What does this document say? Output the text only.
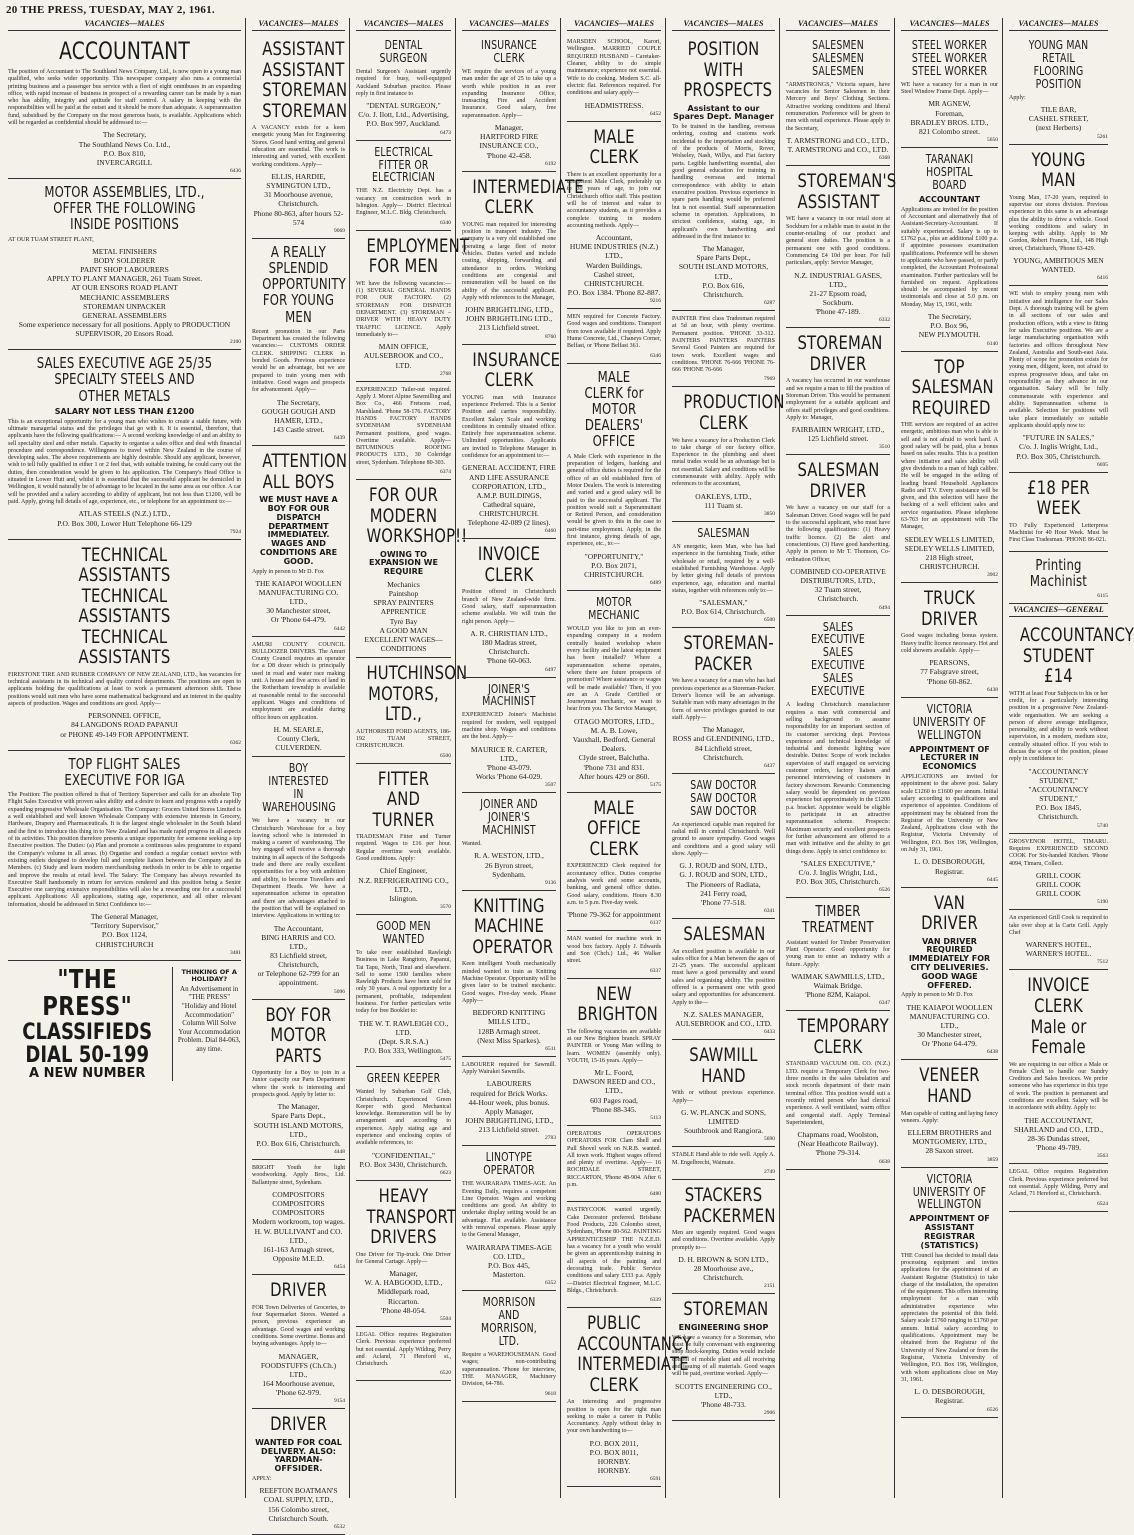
20 THE PRESS, TUESDAY, MAY 2, 1961.
VACANCIES—MALES
ACCOUNTANT
The position of Accountant to The Southland News Company, Ltd., is now open to a young man qualified, who seeks wider opportunity. This newspaper company also runs a commercial printing business and a passenger bus service with a fleet of eight omnibuses in an expanding office, with rapid increase of business in prospect of a rewarding career can be made by a man who has ability, integrity and aptitude for staff control. A salary in keeping with the responsibilities will be paid at the outset and it should be more than adequate. A superannuation fund, subsidised by the Company on the most generous basis, is available. Applications which will be regarded as confidential should be addressed to:—
The Secretary,
The Southland News Co. Ltd.,
P.O. Box 810,
INVERCARGILL
6436
MOTOR ASSEMBLIES, LTD., OFFER THE FOLLOWING INSIDE POSITIONS
AT OUR TUAM STREET PLANT,
METAL FINISHERS
BODY SOLDERER
PAINT SHOP LABOURERS
APPLY TO PLANT MANAGER, 261 Tuam Street.
AT OUR ENSORS ROAD PLANT
MECHANIC ASSEMBLERS
STOREMAN UNPACKER
GENERAL ASSEMBLERS
Some experience necessary for all positions. Apply to PRODUCTION SUPERVISOR, 20 Ensors Road.
2100
SALES EXECUTIVE AGE 25/35 SPECIALTY STEELS AND OTHER METALS
SALARY NOT LESS THAN £1200
This is an exceptional opportunity for a young man who wishes to create a stable future, with ultimate managerial status and the privileges that go with it. It is essential, therefore, that applicants have the following qualifications:— A second working knowledge of and an ability to sell speciality steel and other metals. Capacity to organise a sales office and deal with financial procedure and correspondence. Willingness to travel within New Zealand in the course of developing sales. The above requirements are highly desirable. Should any applicant, however, wish to tell fully qualified in either 1 or 2 feel that, with suitable training, he could carry out the duties, then consideration would be given to his application. The Company's Head Office is situated in Lower Hutt and, whilst it is essential that the successful applicant be domiciled in Wellington, it would naturally be of advantage to be located in the same area as our office. A car will be provided and a salary according to ability of applicant, but not less than £1200, will be paid. Apply, giving full details of age, experience, etc., or telephone for an appointment to:—
ATLAS STEELS (N.Z.) LTD.,
P.O. Box 300, Lower Hutt Telephone 66-129
7924
TECHNICAL ASSISTANTS TECHNICAL ASSISTANTS TECHNICAL ASSISTANTS
FIRESTONE TIRE AND RUBBER COMPANY OF NEW ZEALAND, LTD., has vacancies for technical assistants in its technical and quality control departments. The positions are open to applicants holding the qualifications at least to work a permanent afternoon shift. These positions would suit men who have some mathematical background and an interest in the quality aspects of production. Wages and conditions are good. Apply—
PERSONNEL OFFICE,
84 LANGDONS ROAD PAPANUI
or PHONE 49-149 FOR APPOINTMENT.
6362
TOP FLIGHT SALES EXECUTIVE FOR IGA
The Position: The position offered is that of Territory Supervisor and calls for an absolute Top Flight Sales Executive with proven sales ability and a desire to learn and progress with a rapidly expanding progressive Wholesale Organisation. The Company: Grocers United Stores Limited is a well established and well known Wholesale Company with extensive interests in Grocery, Hardware, Drapery and Pharmaceuticals. It is the largest single wholesaler in the South Island and the first to introduce this thing in to New Zealand and has made rapid progress in all aspects of its activities. This position therefore presents a unique opportunity for someone seeking a top Executive position. The Duties: (a) Plan and promote a continuous sales programme to expand the Company's volume in all areas. (b) Organise and conduct a regular contact service with existing outlets designed to develop full and complete liaison between the Company and its Members. (c) Study and learn modern merchandising methods in order to be able to organise and improve the results at retail level. The Salary: The Company has always rewarded its Executive Staff handsomely in return for services rendered and this position being a Senior Executive one carrying extensive responsibilities will also be a rewarding one for a successful applicant. Applications: All applications, stating age, experience, and all other relevant information, should be addressed in Strict Confidence to:—
The General Manager,
"Territory Supervisor,"
P.O. Box 1124,
CHRISTCHURCH
3481
"THE PRESS"
CLASSIFIEDS
DIAL 50-199
A NEW NUMBER
THINKING OF A HOLIDAY?
An Advertisement in "THE PRESS" "Holiday and Hotel Accommodation" Column Will Solve Your Accommodation Problem. Dial 84-063, any time.
VACANCIES—MALES
ASSISTANT ASSISTANT STOREMAN STOREMAN
A VACANCY exists for a keen energetic young Man for Engineering Stores. Good hand writing and general education are essential. The work is interesting and varied, with excellent working conditions. Apply—
ELLIS, HARDIE, SYMINGTON LTD.,
31 Moorhouse avenue, Christchurch.
Phone 80-863, after hours 52-574
9069
A REALLY SPLENDID OPPORTUNITY FOR YOUNG MEN
Recent promotion in our Parts Department has created the following vacancies:— CUSTOMS ORDER CLERK. SHIPPING CLERK in bonded Goods. Previous experience would be an advantage, but we are prepared to train young men with initiative. Good wages and prospects for advancement. Apply—
The Secretary,
GOUGH GOUGH AND HAMER, LTD.,
143 Castle street.
6439
ATTENTION ALL BOYS
WE MUST HAVE A BOY FOR OUR DISPATCH DEPARTMENT IMMEDIATELY. WAGES AND CONDITIONS ARE GOOD.
Apply in person to Mr D. Fox
THE KAIAPOI WOOLLEN MANUFACTURING CO. LTD.,
30 Manchester street,
Or 'Phone 64-479.
6442
AMURI COUNTY COUNCIL BULLDOZER DRIVERS. The Amuri County Council requires an operator for a D8 dozer which is principally used in road and water race making unit. A house and five acres of land in the Rotherham township is available at reasonable rental to the successful applicant. Wages and conditions of employment are available during office hours on application.
H. M. SEARLE,
County Clerk,
CULVERDEN.
BOY INTERESTED IN WAREHOUSING
We have a vacancy in our Christchurch Warehouse for a boy leaving school who is interested in making a career of warehousing. The boy engaged will receive a thorough training in all aspects of the Softgoods trade and there are really excellent opportunities for a boy with ambition and ability, to become Travellers and Department Heads. We have a superannuation scheme in operation and there are advantages attached to the position that will be explained on interview. Applications in writing to:
The Accountant,
BING HARRIS and CO. LTD.,
83 Lichfield street,
Christchurch,
or Telephone 62-799 for an appointment.
5096
BOY FOR MOTOR PARTS
Opportunity for a Boy to join in a Junior capacity our Parts Department where the work is interesting and prospects good. Apply by letter to:
The Manager,
Spare Parts Dept.,
SOUTH ISLAND MOTORS, LTD.,
P.O. Box 616, Christchurch.
4448
BRIGHT Youth for light woodworking. Apply Bros., Ltd. Ballantyne street, Sydenham.
COMPOSITORS
COMPOSITORS
COMPOSITORS
Modern workroom, top wages.
H. W. BULLIVANT and CO. LTD.,
161-163 Armagh street,
Opposite M.E.D.
6454
DRIVER
FOR Town Deliveries of Groceries, to four Supermarket Stores. Wanted a person, previous experience an advantage. Good wages and working conditions. Some overtime. Bonus and buying advantages. Apply to—
MANAGER,
FOODSTUFFS (Ch.Ch.) LTD.,
164 Moorhouse avenue,
'Phone 62-979.
9154
DRIVER
WANTED FOR COAL DELIVERY. ALSO: YARDMAN-OFFSIDER.
APPLY:
REEFTON BOATMAN'S COAL SUPPLY, LTD.,
156 Colombo street,
Christchurch South.
6532
VACANCIES—MALES
DENTAL SURGEON
Dental Surgeon's Assistant urgently required for busy, well-equipped Auckland Suburban practice. Please reply in first instance to
"DENTAL SURGEON,"
C/o. J. Ilott, Ltd., Advertising,
P.O. Box 997, Auckland.
6473
ELECTRICAL FITTER OR ELECTRICIAN
THE N.Z. Electricity Dept. has a vacancy on construction work in Islington. Apply— District Electrical Engineer, M.L.C. Bldg. Christchurch.
6340
EMPLOYMENT FOR MEN
WE have the following vacancies:— (1) SEVERAL GENERAL HANDS FOR OUR FACTORY. (2) STOREMAN FOR DISPATCH DEPARTMENT. (3) STOREMAN – DRIVER WITH HEAVY DUTY TRAFFIC LICENCE. Apply immediately to—
MAIN OFFICE,
AULSEBROOK and CO., LTD.
2768
EXPERIENCED Tailer-out required. Apply J. Moret Alpine Sawmilling and Box Co., 466 Fretsons road, Marshland. 'Phone 58-176. FACTORY HANDS FACTORY HANDS SYDENHAM SYDENHAM Permanent positions, good wages. Overtime available. Apply— BITUMINOUS ROOFING PRODUCTS LTD., 30 Coleridge street, Sydenham. Telephone 80-303.
6374
FOR OUR MODERN WORKSHOP!!
OWING TO EXPANSION WE REQUIRE
Mechanics
Paintshop
SPRAY PAINTERS
APPRENTICE
Tyre Bay
A GOOD MAN
EXCELLENT WAGES—CONDITIONS
HUTCHINSON MOTORS, LTD.,
AUTHORISED FORD AGENTS, 186-192 TUAM STREET, CHRISTCHURCH.
6500
FITTER AND TURNER
TRADESMAN Fitter and Turner required. Wages to £16 per hour. Regular overtime work available. Good conditions. Apply:
Chief Engineer,
N.Z. REFRIGERATING CO., LTD.,
Islington.
3570
GOOD MEN WANTED
To take over established Rawleigh Business in Lake Rangitoto, Papanui, Tai Tapu, North, Tinui and elsewhere. Sell to some 1500 families where Rawleigh Products have been sold for only 30 years. A real opportunity for a permanent, profitable, independent business. For further particulars write today for free Booklet to:
THE W. T. RAWLEIGH CO., LTD.
(Dept. S.R.S.A.)
P.O. Box 333, Wellington.
5475
GREEN KEEPER
Wanted by Suburban Golf Club, Christchurch. Experienced Green Keeper with good Mechanical knowledge. Remuneration will be by arrangement and according to experience. Apply stating age and experience and enclosing copies of available references, to:
"CONFIDENTIAL,"
P.O. Box 3430, Christchurch.
6623
HEAVY TRANSPORT DRIVERS
One Driver for Tip-truck. One Driver for General Cartage. Apply—
Manager,
W. A. HABGOOD, LTD.,
Middlepark road,
Riccarton.
'Phone 48-054.
5504
LEGAL Office requires Registration Clerk. Previous experience preferred but not essential. Apply Wilding, Perry and Acland, 71 Hereford st., Christchurch.
6520
VACANCIES—MALES
INSURANCE CLERK
WE require the services of a young man under the age of 25 to take up a worth while position in an ever expanding Insurance Office, transacting Fire and Accident Insurance. Good salary, free superannuation. Apply—
Manager,
HARTFORD FIRE INSURANCE CO.,
'Phone 42-458.
6192
INTERMEDIATE CLERK
YOUNG man required for interesting position in transport industry. The company is a very old established one operating a large fleet of motor vehicles. Duties varied and include costing, shipping, forwarding and attendance to orders. Working conditions are congenial and remuneration will be based on the ability of the successful applicant. Apply with references to the Manager,
JOHN BRIGHTLING, LTD.,
JOHN BRIGHTLING LTD.,
213 Lichfield street.
8760
INSURANCE CLERK
YOUNG man with Insurance experience Preferred. This is a Senior Position and carries responsibility. Excellent Salary Scale and working conditions in centrally situated office. Entirely free superannuation scheme. Unlimited opportunities. Applicants are invited to Telephone Manager in confidence for an appointment to:—
GENERAL ACCIDENT, FIRE AND LIFE ASSURANCE CORPORATION, LTD.,
A.M.P. BUILDINGS,
Cathedral square,
CHRISTCHURCH.
Telephone 42-089 (2 lines).
6460
INVOICE CLERK
Position offered in Christchurch branch of New Zealand-wide firm. Good salary, staff superannuation scheme available. We will train the right person. Apply—
A. R. CHRISTIAN LTD.,
180 Madras street,
Christchurch.
'Phone 60-063.
6497
JOINER'S MACHINIST
EXPERIENCED Joiner's Machinist required for modern, well equipped machine shop. Wages and conditions are the best. Apply—
MAURICE R. CARTER, LTD.,
'Phone 43-079.
Works 'Phone 64-029.
3507
JOINER AND JOINER'S MACHINIST
Wanted.
R. A. WESTON, LTD.,
26 Byron street,
Sydenham.
9136
KNITTING MACHINE OPERATOR
Keen intelligent Youth mechanically minded wanted to train as Knitting Machine Operator. Opportunity will be given later to be trained mechanic. Good wages. Five-day week. Please Apply—
BEDFORD KNITTING MILLS LTD.,
128B Armagh street.
(Next Miss Sparkes).
6511
LABOURER required for Sawmill. Apply Wairakei Sawmills.
LABOURERS
required for Brick Works.
44-Hour week, plus bonus.
Apply Manager,
JOHN BRIGHTLING, LTD.,
213 Lichfield street.
2783
LINOTYPE OPERATOR
THE WAIRARAPA TIMES-AGE. An Evening Daily, requires a competent Line Operator. Wages and working conditions are good. An ability to undertake display setting would be an advantage. Flat available. Assistance with removal expenses. Please apply to the General Manager,
WAIRARAPA TIMES-AGE CO. LTD.,
P.O. Box 445,
Masterton.
6352
MORRISON AND MORRISON, LTD.
Require a WAREHOUSEMAN. Good wages; non-contributing superannuation. 'Phone for interview, THE MANAGER, Machinery Division, 64-786.
9618
VACANCIES—MALES
MARSDEN SCHOOL, Karori, Wellington. MARRIED COUPLE REQUIRED HUSBAND – Caretaker-Cleaner, ability to do simple maintenance; experience not essential. Wife to do cooking. Modern S.C. all-electric flat. References required. For conditions and salary apply—
HEADMISTRESS.
6452
MALE CLERK
There is an excellent opportunity for a competent Male Clerk, preferably up to 30 years of age, to join our Christchurch office staff. This position will be of interest and value to accountancy students, as it provides a complete training in modern accounting methods. Apply—
Accountant,
HUME INDUSTRIES (N.Z.) LTD.,
Warden Buildings,
Cashel street,
CHRISTCHURCH.
P.O. Box 1384. 'Phone 82-887.
9216
MEN required for Concrete Factory. Good wages and conditions. Transport from town available if required. Apply Hume Concrete, Ltd., Chaneys Corner, Belfast, or 'Phone Belfast 361.
6346
MALE CLERK for MOTOR DEALERS' OFFICE
A Male Clerk with experience in the preparation of ledgers, banking and general office duties is required for the office of an old established firm of Motor Dealers. The work is interesting and varied and a good salary will be paid to the successful applicant. The position would suit a Superannuitant or Retired Person, and consideration would be given to this in the case to part-time employment. Apply, in the first instance, giving details of age, experience, etc., to:—
"OPPORTUNITY,"
P.O. Box 2071,
CHRISTCHURCH.
6489
MOTOR MECHANIC
WOULD you like to join an ever-expanding company in a modern centrally heated workshop where every facility and the latest equipment has been installed? Where a superannuation scheme operates, where there are future prospects of promotion? Where assistance or wages will be made available? Then, if you are an A Grade Certified or Journeyman mechanic, we want to hear from you. The Service Manager,
OTAGO MOTORS, LTD.,
M. A. B. Lowe,
Vauxhall, Bedford, General Dealers.
Clyde street, Balclutha.
'Phone 731 and 831.
After hours 429 or 860.
5175
MALE OFFICE CLERK
EXPERIENCED Clerk required for accountancy office. Duties comprise analysis work and some accounts, banking, and general office duties. Good salary, conditions. Hours 8.30 a.m. to 5 p.m. Five-day week.
'Phone 79-362 for appointment
6137
MAN wanted for machine work in wood box factory. Apply J. Edwards and Son (Chch.) Ltd., 46 Walker street.
6337
NEW BRIGHTON
The following vacancies are available at our New Brighton branch. SPRAY PAINTER or Young Man willing to learn. WOMEN (assembly only). YOUTH, 15-16 years. Apply—
Mr L. Foord,
DAWSON REED and CO., LTD.,
603 Pages road,
'Phone 88-345.
5113
OPERATORS OPERATORS OPERATORS FOR Clam Shell and Pull Shovel work on N.R.B. wanted. All town work. Highest wages offered and plenty of overtime. Apply— 16 ROCHDALE STREET, RICCARTON, 'Phone 48-904. After 6 p.m.
6480
PASTRYCOOK wanted urgently. Cake Decorator preferred. Brisbane Food Products, 226 Colombo street, Sydenham, 'Phone 80-562. PAINTING APPRENTICESHIP THE N.Z.E.D. has a vacancy for a youth who would be given an apprenticeship training in all aspects of the painting and decorating trade. Public Service conditions and salary £333 p.a. Apply—District Electrical Engineer, M.L.C. Bldgs., Christchurch.
6339
PUBLIC ACCOUNTANCY INTERMEDIATE CLERK
An interesting and progressive position is open for the right man seeking to make a career in Public Accountancy. Apply without delay in your own handwriting to—
P.O. BOX 2011,
P.O. BOX 8011,
HORNBY.
HORNBY.
6591
VACANCIES—MALES
POSITION WITH PROSPECTS
Assistant to our Spares Dept. Manager
To be trained in the handling, overseas ordering, costing and customs work incidental to the importation and stocking of the products of Morris, Rover, Wolseley, Nash, Willys, and Fiat factory parts. Legible handwriting essential, also good general education for training in handling overseas and internal correspondence with ability to attain executive position. Previous experience in spare parts handling would be preferred but is not essential. Staff superannuation scheme in operation. Applications, in strictest confidence, stating age, in applicant's own handwriting and addressed in the first instance to:
The Manager,
Spare Parts Dept.,
SOUTH ISLAND MOTORS, LTD.,
P.O. Box 616,
Christchurch.
6287
PAINTER First class Tradesman required at 5d an hour, with plenty overtime. Permanent position. 'PHONE 33-312. PAINTERS PAINTERS PAINTERS Several Good Painters are required for town work. Excellent wages and conditions. 'PHONE 76-666 'PHONE 76-666 'PHONE 76-666
7969
PRODUCTION CLERK
We have a vacancy for a Production Clerk to take charge of our factory office. Experience in the plumbing and sheet metal trades would be an advantage but is not essential. Salary and conditions will be commensurate with ability. Apply with references to the accountant,
OAKLEYS, LTD.,
111 Tuam st.
3850
SALESMAN
AN energetic, keen Man, who has had experience in the furnishing Trade, either wholesale or retail, required by a well-established Furnishing Warehouse. Apply by letter giving full details of previous experience, age, education and marital status, together with references only to:—
"SALESMAN,"
P.O. Box 614, Christchurch.
6500
STOREMAN-PACKER
We have a vacancy for a man who has had previous experience as a Storeman-Packer. Driver's licence will be an advantage. Suitable man with many advantages in the form of service privileges granted to our staff. Apply—
The Manager,
ROSS and GLENDINING, LTD.,
84 Lichfield street,
Christchurch.
6437
SAW DOCTOR SAW DOCTOR SAW DOCTOR
An experienced capable man required for radial mill in central Christchurch. Well ground to assure sympathy. Good wages and conditions and a good salary will show. Apply—
G. J. ROUD and SON, LTD.,
G. J. ROUD and SON, LTD.,
The Pioneers of Radiata,
241 Ferry road,
'Phone 77-518.
6341
SALESMAN
An excellent position is available in our sales office for a Man between the ages of 21-25 years. The successful applicant must have a good personality and sound sales and organising ability. The position offered is a permanent one with good salary and opportunities for advancement. Apply to the—
N.Z. SALES MANAGER,
AULSEBROOK and CO., LTD.
6433
SAWMILL HAND
With or without previous experience. Apply—
G. W. PLANCK and SONS, LIMITED
Southbrook and Rangiora.
5690
STABLE Hand able to ride well. Apply A. M. Engelbrecht, Waimate.
2749
STACKERS PACKERMEN
Men are urgently required. Good wages and conditions. Overtime available. Apply promptly to—
D. H. BROWN & SON LTD.,
28 Moorhouse ave.,
Christchurch.
2151
STOREMAN
ENGINEERING SHOP
WE have a vacancy for a Storeman, who must be fully conversant with engineering shop stock-keeping. Duties would include control of mobile plant and all receiving and issuing of all materials. Good wages will be paid, overtime worked. Apply—
SCOTTS ENGINEERING CO., LTD.,
'Phone 48-733.
2906
VACANCIES—MALES
SALESMEN SALESMEN SALESMEN
"ARMSTRONGS," Victoria square, have vacancies for Senior Salesmen in their Mercery and Boys' Clothing Sections. Attractive working conditions and liberal remuneration. Preference will be given to men with retail experience. Please apply to the Secretary,
T. ARMSTRONG and CO., LTD.,
T. ARMSTRONG and CO., LTD.
6368
STOREMAN'S ASSISTANT
WE have a vacancy in our retail store at Sockburn for a reliable man to assist in the counter-retailing of our product and general store duties. The position is a permanent one with good conditions. Commencing £4 10d per hour. For full particulars, apply: Service Manager,
N.Z. INDUSTRIAL GASES, LTD.,
21-27 Epsom road,
Sockburn.
'Phone 47-189.
6332
STOREMAN DRIVER
A vacancy has occurred in our warehouse and we require a man to fill the position of Storeman Driver. This would be permanent employment for a suitable applicant and offers staff privileges and good conditions. Apply to: Manager,
FAIRBAIRN WRIGHT, LTD.,
125 Lichfield street.
3510
SALESMAN DRIVER
We have a vacancy on our staff for a Salesman Driver. Good wages will be paid to the successful applicant, who must have the following qualifications: (1) Heavy traffic licence. (2) Be alert and conscientious. (3) Have good handwriting. Apply in person to Mr T. Thomson, Co-ordination Officer,
COMBINED CO-OPERATIVE DISTRIBUTORS, LTD.,
32 Tuam street,
Christchurch.
6494
SALES EXECUTIVE SALES EXECUTIVE SALES EXECUTIVE
A leading Christchurch manufacturer requires a man with commercial and selling background to assume responsibility for an important section of its customer servicing dept. Previous experience and technical knowledge of industrial and domestic lighting ware desirable. Duties: Scope of work includes supervision of staff engaged on servicing customer orders, factory liaison and personnel interviewing of customers in factory showroom. Rewards: Commencing salary would be dependent on previous experience but approximately in the £1200 p.a. bracket. Appointee would be eligible to participate in an attractive superannuation scheme. Prospects: Maximum security and excellent prospects for further advancement are offered to a man with initiative and the ability to get things done. Apply in strict confidence to:
"SALES EXECUTIVE,"
C/o. J. Inglis Wright, Ltd.,
P.O. Box 305, Christchurch.
6526
TIMBER TREATMENT
Assistant wanted for Timber Preservation Plant Operator. Good opportunity for young man to enter an industry with a future. Apply:
WAIMAK SAWMILLS, LTD.,
Waimak Bridge.
'Phone 82M, Kaiapoi.
6347
TEMPORARY CLERK
STANDARD VACUUM OIL CO. (N.Z.) LTD. require a Temporary Clerk for two-three months in the sales tabulation and stock records department of their main terminal office. This position would suit a recently retired person who had clerical experience. A well ventilated, warm office and congenial staff. Apply Terminal Superintendent,
Chapmans road, Woolston,
(Near Heathcote Railway).
'Phone 79-314.
6638
VACANCIES—MALES
STEEL WORKER STEEL WORKER STEEL WORKER
WE have a vacancy for a man in our Steel Window Frame Dept. Apply—
MR AGNEW,
Foreman,
BRADLEY BROS. LTD.,
821 Colombo street.
5650
TARANAKI HOSPITAL BOARD
ACCOUNTANT
Applications are invited for the position of Accountant and alternatively that of Assistant-Secretary-Accountant. If suitably experienced. Salary is up to £1762 p.a., plus an additional £100 p.a. if appointee possesses examination qualifications. Preference will be shown to applicants who have passed, or partly completed, the Accountant Professional examination. Further particulars will be furnished on request. Applications should be accompanied by recent testimonials and close at 5.0 p.m. on Monday, May 15, 1961, with:
The Secretary,
P.O. Box 96,
NEW PLYMOUTH.
6140
TOP SALESMAN REQUIRED
THE services are required of an active energetic, ambitious man who is able to sell and is not afraid to work hard. A good salary will be paid, plus a bonus based on sales results. This is a position where initiative and sales ability will give dividends to a man of high calibre. He will be engaged in the selling of leading brand Household Appliances Radio and T.V. Every assistance will be given, and this selection will have the backing of a well efficient sales and service organisation. Please telephone 63-763 for an appointment with The Manager,
SEDLEY WELLS LIMITED,
SEDLEY WELLS LIMITED,
218 High street,
CHRISTCHURCH.
3902
TRUCK DRIVER
Good wages including bonus system. Heavy traffic licence necessary. Hot and cold showers available. Apply—
PEARSONS,
77 Falsgrave street,
'Phone 60-862.
6438
VICTORIA UNIVERSITY OF WELLINGTON
APPOINTMENT OF LECTURER IN ECONOMICS
APPLICATIONS are invited for appointment to the above post. Salary scale £1260 to £1600 per annum. Initial salary according to qualifications and experience of appointee. Conditions of appointment may be obtained from the Registrar of the University or New Zealand, Applications close with the Registrar, Victoria University of Wellington, P.O. Box 196, Wellington, on July 31, 1961.
L. O. DESBOROUGH,
Registrar.
6445
VAN DRIVER
VAN DRIVER REQUIRED IMMEDIATELY FOR CITY DELIVERIES. GOOD WAGE OFFERED.
Apply in person to Mr D. Fox
THE KAIAPOI WOOLLEN MANUFACTURING CO. LTD.,
30 Manchester street,
Or 'Phone 64-479.
6438
VENEER HAND
Man capable of cutting and laying fancy veneers. Apply:
ELLERM BROTHERS and MONTGOMERY, LTD.,
28 Saxon street.
3859
VICTORIA UNIVERSITY OF WELLINGTON
APPOINTMENT OF ASSISTANT REGISTRAR (STATISTICS)
THE Council has decided to install data processing equipment and invites applications for the appointment of an Assistant Registrar (Statistics) to take charge of the installation, the operation of the equipment. This offers interesting employment for a man with administrative experience who appreciates the potential of this field. Salary scale £1760 ranging to £1760 per annum. Initial salary according to qualifications. Appointment may be obtained from the Registrar of the University of New Zealand or from the Registrar, Victoria University of Wellington, P.O. Box 196, Wellington, with whom applications close on May 31, 1961.
L. O. DESBOROUGH,
Registrar.
6526
VACANCIES—MALES
YOUNG MAN RETAIL FLOORING POSITION
Apply:
TILE BAR,
CASHEL STREET,
(next Herberts)
5261
YOUNG MAN
Young Man, 17-20 years, required to supervise our stores division. Previous experience in this same is an advantage plus the ability to drive a vehicle. Good working conditions and salary in keeping with ability. Apply to Mr Gordon, Robert Francis, Ltd., 148 High street, Christchurch, 'Phone 63-429.
YOUNG, AMBITIOUS MEN WANTED.
6416
WE wish to employ young men with initiative and intelligence for our Sales Dept. A thorough training will be given in all sections of our sales and production offices, with a view to fitting for sales Executive positions. We are a large manufacturing organisation with factories and offices throughout New Zealand, Australia and South-east Asia. Plenty of scope for promotion exists for young men, diligent, keen, not afraid to express progressive ideas, and take on responsibility as they advance in our organisation. Salary will be fully commensurate with experience and ability. Superannuation scheme is available. Selection for positions will take place immediately so suitable applicants should apply now to:
"FUTURE IN SALES,"
C/o. J. Inglis Wright, Ltd.,
P.O. Box 305, Christchurch.
6695
£18 PER WEEK
TO Fully Experienced Letterpress Machinist for 40 Hour Week. Must be First Class Tradesman. 'PHONE 86-021.
Printing Machinist
6115
VACANCIES—GENERAL
ACCOUNTANCY STUDENT £14
WITH at least Four Subjects to his or her credit, for a particularly interesting position in a progressive New Zealand-wide organisation. We are seeking a person of above average intelligence, personality, and ability to work without supervision, in a modern, medium size, centrally situated office. If you wish to discuss the scope of the position, please reply in confidence to:
"ACCOUNTANCY STUDENT,"
"ACCOUNTANCY STUDENT,"
P.O. Box 1845,
Christchurch.
5740
GROSVENOR HOTEL, TIMARU. Requires EXPERIENCED SECOND COOK For Six-handed Kitchen. 'Phone 4094, Timaru, Collect.
GRILL COOK
GRILL COOK
GRILL COOK
5190
An experienced Grill Cook is required to take over shop at la Carte Grill. Apply Chef
WARNER'S HOTEL,
WARNER'S HOTEL.
7512
INVOICE CLERK Male or Female
We are requiring in our office a Male or Female Clerk to handle our Sundry Creditors and Sales Invoices. We prefer someone who has experience in this type of work. The position is permanent and conditions are excellent. Salary will be in accordance with ability. Apply to:
THE ACCOUNTANT,
SHARLAND and CO., LTD.,
28-36 Dundas street,
'Phone 49-789.
3563
LEGAL Office requires Registration Clerk. Previous experience preferred but not essential. Apply Wilding, Perry and Acland, 71 Hereford st., Christchurch.
6524
